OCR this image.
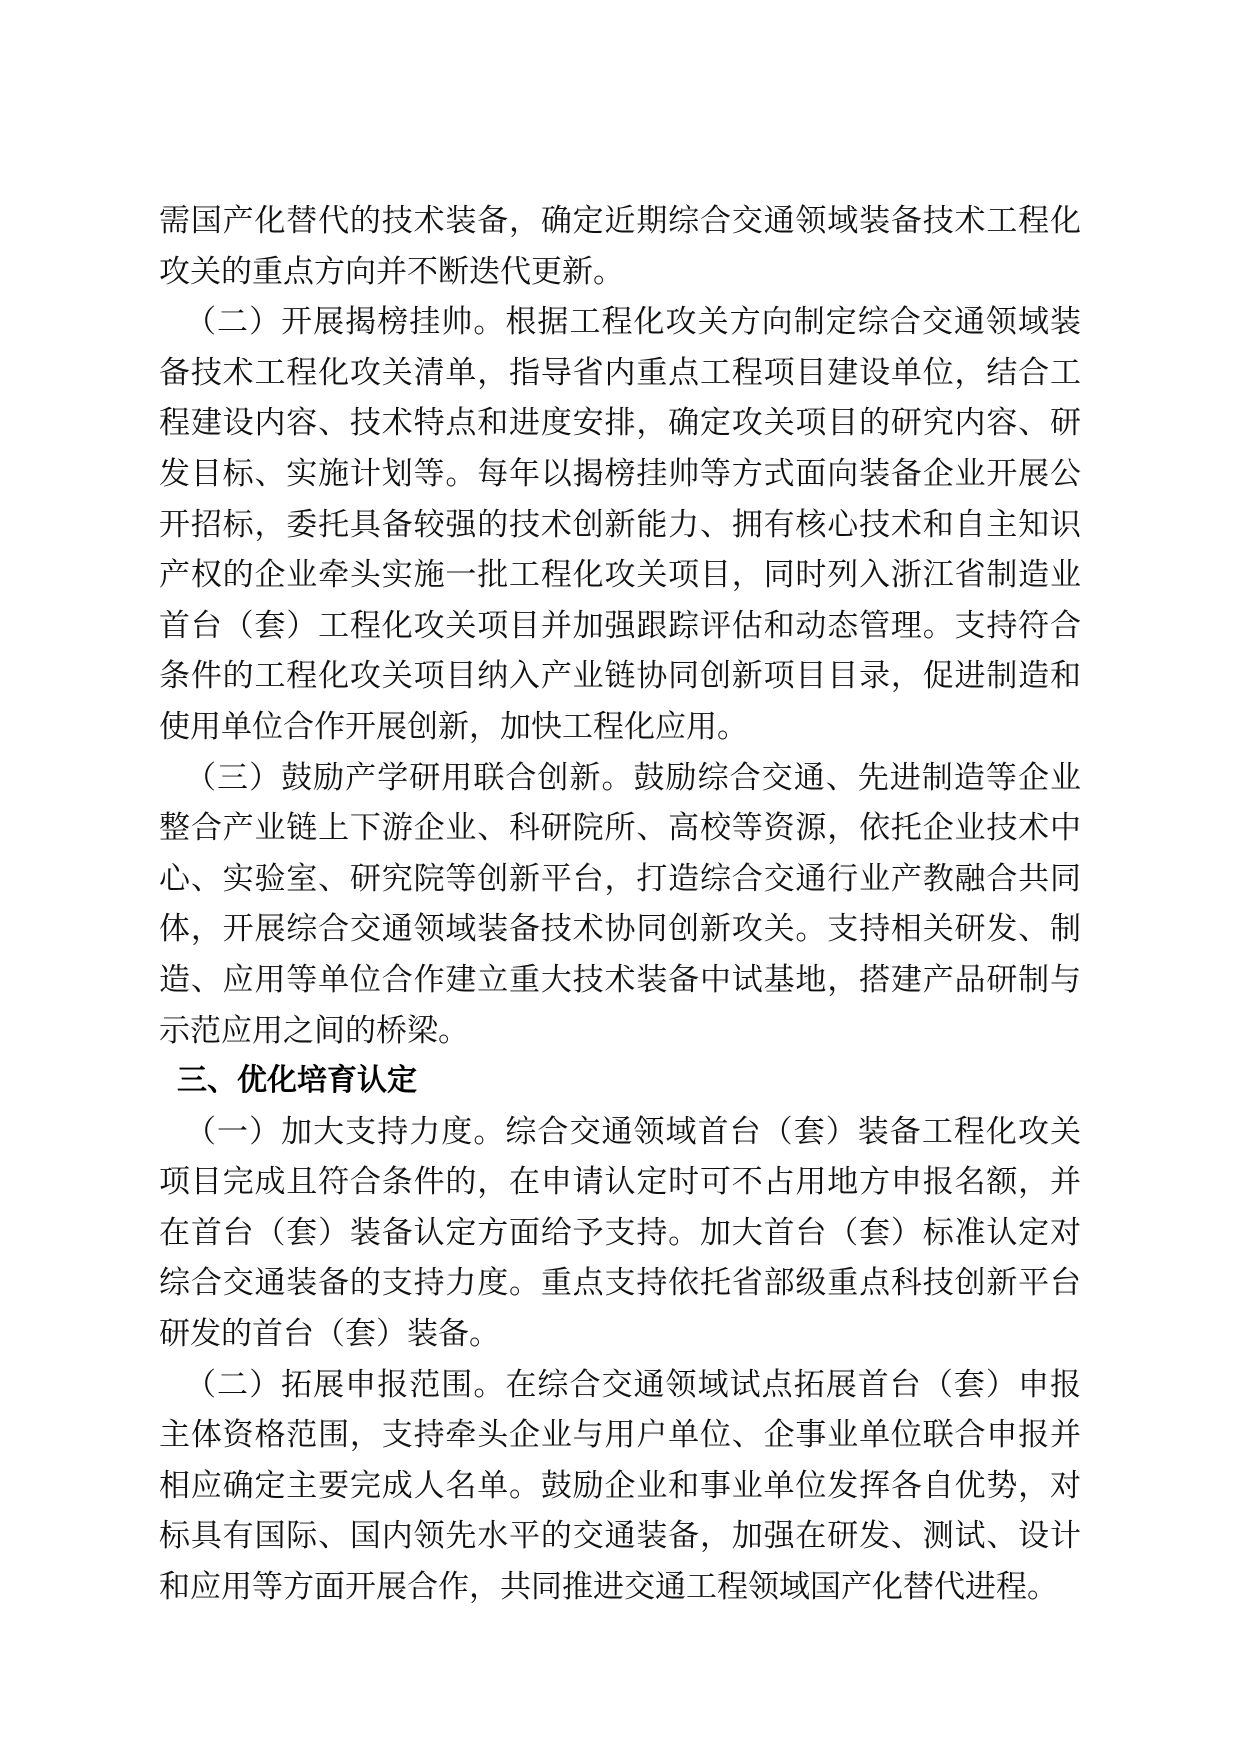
需国产化替代的技术装备，确定近期综合交通领域装备技术工程化攻关的重点方向并不断迭代更新。

（二）开展揭榜挂帅。根据工程化攻关方向制定综合交通领域装备技术工程化攻关清单，指导省内重点工程项目建设单位，结合工程建设内容、技术特点和进度安排，确定攻关项目的研究内容、研发目标、实施计划等。每年以揭榜挂帅等方式面向装备企业开展公开招标，委托具备较强的技术创新能力、拥有核心技术和自主知识产权的企业牵头实施一批工程化攻关项目，同时列入浙江省制造业首台（套）工程化攻关项目并加强跟踪评估和动态管理。支持符合条件的工程化攻关项目纳入产业链协同创新项目目录，促进制造和使用单位合作开展创新，加快工程化应用。

（三）鼓励产学研用联合创新。鼓励综合交通、先进制造等企业整合产业链上下游企业、科研院所、高校等资源，依托企业技术中心、实验室、研究院等创新平台，打造综合交通行业产教融合共同体，开展综合交通领域装备技术协同创新攻关。支持相关研发、制造、应用等单位合作建立重大技术装备中试基地，搭建产品研制与示范应用之间的桥梁。

三、优化培育认定

（一）加大支持力度。综合交通领域首台（套）装备工程化攻关项目完成且符合条件的，在申请认定时可不占用地方申报名额，并在首台（套）装备认定方面给予支持。加大首台（套）标准认定对综合交通装备的支持力度。重点支持依托省部级重点科技创新平台研发的首台（套）装备。

（二）拓展申报范围。在综合交通领域试点拓展首台（套）申报主体资格范围，支持牵头企业与用户单位、企事业单位联合申报并相应确定主要完成人名单。鼓励企业和事业单位发挥各自优势，对标具有国际、国内领先水平的交通装备，加强在研发、测试、设计和应用等方面开展合作，共同推进交通工程领域国产化替代进程。
